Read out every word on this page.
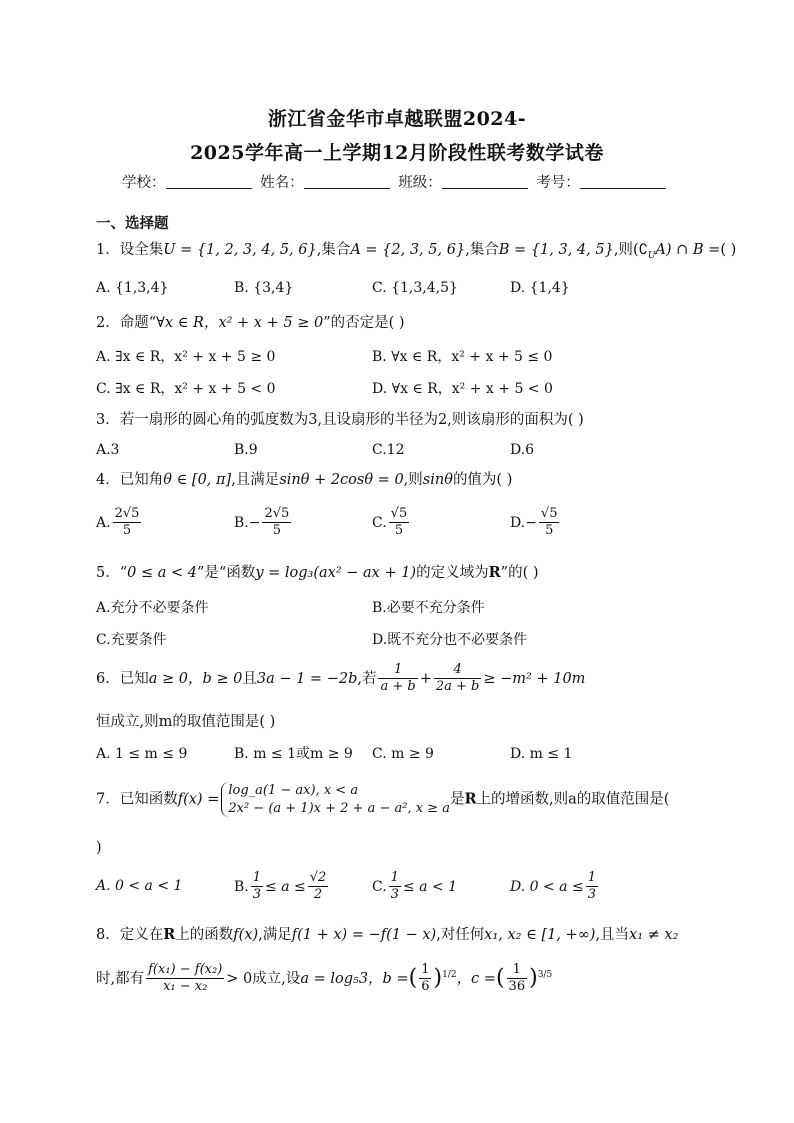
浙江省金华市卓越联盟2024-
2025学年高一上学期12月阶段性联考数学试卷
学校：	姓名：	班级：	考号：
一、选择题
1．设全集U = {1, 2, 3, 4, 5, 6},集合A = {2, 3, 5, 6},集合B = {1, 3, 4, 5},则$(∁_UA)$ ∩ B =( )
A. {1,3,4}	B. {3,4}	C. {1,3,4,5}	D. {1,4}
2．命题“∀x ∈ R，x² + x + 5 ≥ 0”的否定是( )
A. ∃x ∈ R，x² + x + 5 ≥ 0	B. ∀x ∈ R，x² + x + 5 ≤ 0
C. ∃x ∈ R，x² + x + 5 < 0	D. ∀x ∈ R，x² + x + 5 < 0
3．若一扇形的圆心角的弧度数为3,且设扇形的半径为2,则该扇形的面积为( )
A.3	B.9	C.12	D.6
4．已知角θ ∈ [0, π],且满足sinθ + 2cosθ = 0,则sinθ的值为( )
A. $\frac{2√5}{5}$	$B.- \frac{2√5}{5}$	C. $\frac{√5}{5}$	$D.- \frac{√5}{5}$
5．“0 ≤ a < 4”是“函数y = log₃(ax² − ax + 1)的定义域为R”的( )
A.充分不必要条件	B.必要不充分条件
C.充要条件	D.既不充分也不必要条件
6．已知a ≥ 0，b ≥ 0且3a − 1 = −2b,若 $\frac{1}{a + b} + \frac{4}{2a + b} \ge -m^2 + 10m$
恒成立,则m的取值范围是( )
A. 1 ≤ m ≤ 9	B. m ≤ 1或m ≥ 9 C. m ≥ 9	D. m ≤ 1
7．已知函数f(x) =
log_a(1 − ax), x < a
2x² − (a + 1)x + 2 + a − a², x ≥ a
是R上的增函数,则a的取值范围是(
)
A. 0 < a < 1	B. $\frac{1}{3} \le a \le \frac{√2}{2}$	C. $\frac{1}{3} \le a < 1$	D. $0 < a \le \frac{1}{3}$
8．定义在R上的函数f(x),满足f(1 + x) = −f(1 − x),对任何x₁, x₂ ∈ [1, +∞),且当x₁ ≠ x₂
时,都有 $\frac{\text{f(x₁) − f(x₂)}}{\text{x₁ − x₂}} > 0$成立,设a = log₅3，b =( $\frac{1}{6} )^{1/2}$，c =( $\frac{1}{36} )^{3/5}$
